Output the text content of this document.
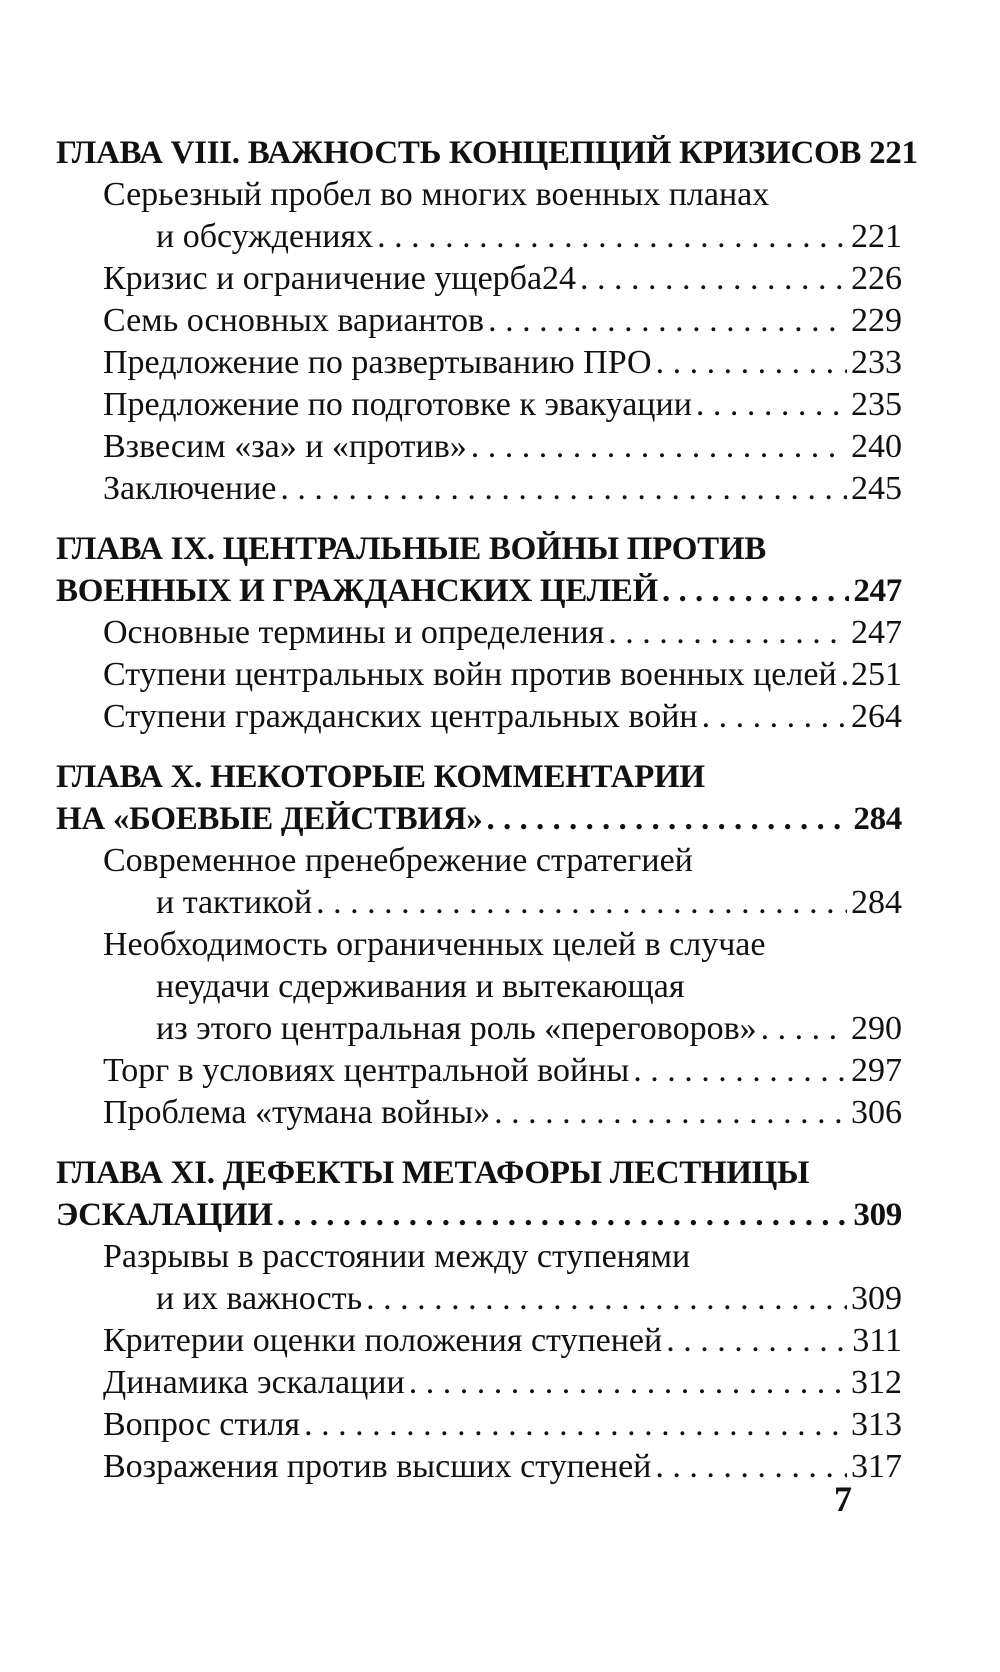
ГЛАВА VIII. ВАЖНОСТЬ КОНЦЕПЦИЙ КРИЗИСОВ 221
Серьезный пробел во многих военных планах
и обсуждениях . . .	221
Кризис и ограничение ущерба24 . . .	226
Семь основных вариантов . . .	229
Предложение по развертыванию ПРО . . .	233
Предложение по подготовке к эвакуации . . .	235
Взвесим «за» и «против» . . .	240
Заключение . . .	245
ГЛАВА IX. ЦЕНТРАЛЬНЫЕ ВОЙНЫ ПРОТИВ
ВОЕННЫХ И ГРАЖДАНСКИХ ЦЕЛЕЙ . . .	247
Основные термины и определения . . .	247
Ступени центральных войн против военных целей . . . 251
Ступени гражданских центральных войн . . .	264
ГЛАВА X. НЕКОТОРЫЕ КОММЕНТАРИИ
НА «БОЕВЫЕ ДЕЙСТВИЯ» . . .	284
Современное пренебрежение стратегией
и тактикой . . .	284
Необходимость ограниченных целей в случае
неудачи сдерживания и вытекающая
из этого центральная роль «переговоров» . . .	290
Торг в условиях центральной войны . . .	297
Проблема «тумана войны» . . .	306
ГЛАВА XI. ДЕФЕКТЫ МЕТАФОРЫ ЛЕСТНИЦЫ
ЭСКАЛАЦИИ . . .	309
Разрывы в расстоянии между ступенями
и их важность . . .	309
Критерии оценки положения ступеней . . .	311
Динамика эскалации . . .	312
Вопрос стиля . . .	313
Возражения против высших ступеней . . .	317
7
